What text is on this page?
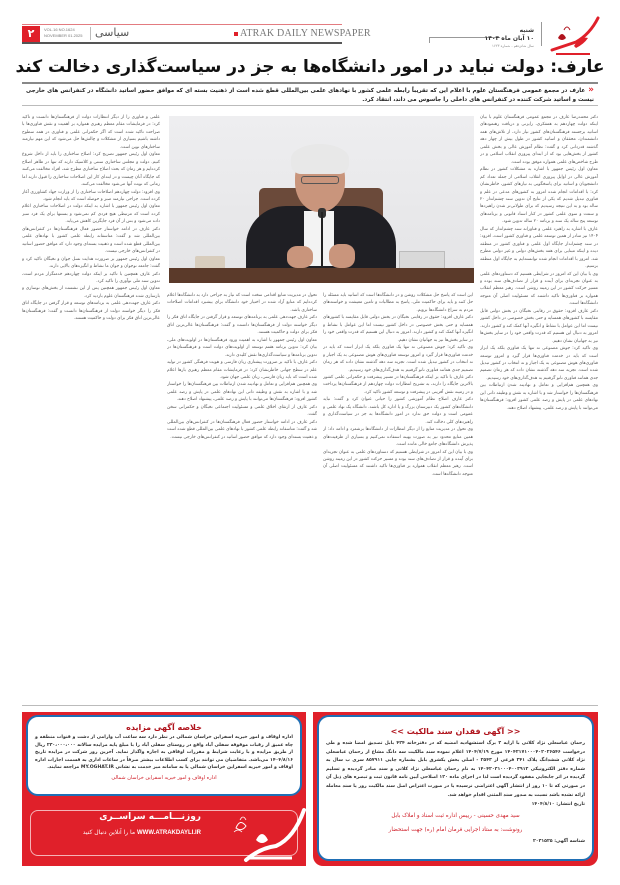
۲	VOL.16 NO.1624
NOVEMBER 01.2025 سیاسی	ATRAK DAILY NEWSPAPER	شنبه
۱۰ آبان ماه ۱۴۰۴
سال شانزدهم - شماره ۱۶۲۳
عارف: دولت نباید در امور دانشگاه‌ها به جز در سیاست‌گذاری دخالت کند
«عارف در مجمع عمومی فرهنگستان علوم با اعلام این که تقریباً رابطه علمی کشور با نهادهای علمی بین‌المللی قطع شده است از ذهنیت بسته ای که موافق حضور اساتید دانشگاه در کنفرانس های خارجی نیست و اساتید شرکت کننده در کنفرانس های داخلی را جاسوس می داند، انتقاد کرد.

دکتر محمدرضا عارف در مجمع عمومی فرهنگستان علوم با بیان اینکه دولت چهاردهم به همفکری، رایزنی و دریافت رهنمودهای اساتید برجسته فرهنگستان‌های کشور نیاز دارد، از تلاش‌های همه دانشمندان، محققان و اساتید کشور در طول بیش از چهار دهه گذشته قدردانی کرد و گفت: نظام آموزش عالی و بخش علمی کشور از بخش‌هایی بود که از ابتدای پیروزی انقلاب اسلامی و در طرح شاخص‌های علمی همواره موفق بوده است.

معاون اول رئیس جمهور با اشاره به مشکلات کشور در نظام آموزش عالی در اوایل پیروزی انقلاب اسلامی از جمله تعداد کم دانشجویان و اساتید برای پاسخگویی به نیازهای کشور، خاطرنشان کرد: با اقدامات انجام شده امروز به کشورهای مدعی در علم و فناوری تبدیل شدیم که یکی از نتایج آن تدوین سند چشم‌انداز ۲۰ ساله بود و به این نتیجه رسیدیم که برای طولانی‌تر شدن راهبردها و سمت و سوی علمی کشور در کنار اسناد قانونی و برنامه‌های توسعه پنج ساله یک سند و برنامه ۲۰ ساله تدوین شود.

عارف با اشاره به راهبرد علمی و فناورانه سند چشم‌انداز که سال ۱۴۰۴ نیز منادر از همین توسعه علمی و فناوری کشور است، افزود: در سند چشم‌انداز جایگاه اول علمی و فناوری کشور در منطقه دیده و اینکه مبنایی برای همه بخش‌های دولتی و غیر دولتی مطرح شد. امروز با اقدامات انجام شده توانسته‌ایم به جایگاه اول منطقه برسیم.

وی با بیان این که امروز در شرایطی هستیم که دستاوردهای علمی به عنوان تجربه‌ای برای آینده و قرار از تصادف‌های سند بوده و مسیر حرکت کشور در این زمینه روشن است. رهبر معظم انقلاب همواره بر فناوری‌ها تاکید داشتند که مسئولیت اصلی آن متوجه دانشگاه‌ها است.

دکتر عارف افزود: حقوق در رقابتی نخبگان در بخش دولتی قابل مقایسه با کشورهای همسایه و حتی بخش خصوصی در داخل کشور نیست اما این عوامل با نشاط و انگیزه آنها کمک کند و کشور دارند. امروز به دنبال این هستیم که قدرت واقعی خود را در سایر بخش‌ها نیز به جهانیان نشان دهیم.

وی تاکید کرد: جوش مصنوعی نه تنها یک فناوری بلکه یک ابزار است که باید در خدمت فناوری‌ها قرار گیرد و امروز توسعه فناوری‌های هوش مصنوعی به یک اجبار و نه انتخاب در کشور تبدیل شده است. تجربه سه دهه گذشته نشان داده که هر زمان تصمیم جدی همانند فناوری نانو گرفتیم به هدف‌گذاری‌های خود رسیدیم.

وی همچنین هم‌افزایی و تعامل و نهادینه شدن ارتباطات بین فرهنگستان‌ها را خواستار شد و با اشاره به نقش و وظیفه ذاتی این نهادهای علمی در پایش و رصد علمی کشور افزود: فرهنگستان‌ها می‌توانند با پایش و رصد علمی، پیشنهاد اصلاح دهند.

این است که پاسخ حل مشکلات روشن و در دانشگاه‌ها است که اساتید باید مسئله را حل کنند و باید برای حاکمیت ملی، پاسخ به مطالبات و تامین معیشت و خواسته‌های مردم به سراغ دانشگاه‌ها برویم.

دکتر عارف افزود: حقوق در رقابتی نخبگان در بخش دولتی قابل مقایسه با کشورهای همسایه و حتی بخش خصوصی در داخل کشور نیست اما این عوامل با نشاط و انگیزه آنها کمک کند و کشور دارند. امروز به دنبال این هستیم که قدرت واقعی خود را در سایر بخش‌ها نیز به جهانیان نشان دهیم.

وی تاکید کرد: جوش مصنوعی نه تنها یک فناوری بلکه یک ابزار است که باید در خدمت فناوری‌ها قرار گیرد و امروز توسعه فناوری‌های هوش مصنوعی به یک اجبار و نه انتخاب در کشور تبدیل شده است. تجربه سه دهه گذشته نشان داده که هر زمان تصمیم جدی همانند فناوری نانو گرفتیم به هدف‌گذاری‌های خود رسیدیم.

دکتر عارف با تاکید بر اینکه فرهنگستان‌ها در مسیر پیشرفت و حکمرانی علمی کشور بالاترین جایگاه را دارند، به تشریح انتظارات دولت چهاردهم از فرهنگستان‌ها پرداخت و در زمینه نقش آفرینی در پیشرفت و توسعه کشور تاکید کرد.

دکتر عارف اصلاح نظام آموزشی کشور را حیاتی عنوان کرد و گفت: نباید دانشگاه‌های کشور یک دبیرستان بزرگ و یا اداره کل باشند. دانشگاه یک نهاد علمی و عمومی است و دولت حق ندارد در امور دانشگاه‌ها به جز در سیاست‌گذاری و راهبردهای کلی دخالت کند.

وی تحول در مدیریت منابع را از دیگر انتظارات از دانشگاه‌ها برشمرد و ادامه داد: از همین منابع محدود نیز به صورت بهینه استفاده نمی‌کنیم و بسیاری از ظرفیت‌های پذیرش دانشگاه‌های جامع خالی مانده است.

وی با بیان این که امروز در شرایطی هستیم که دستاوردهای علمی به عنوان تجربه‌ای برای آینده و قرار از تصادف‌های سند بوده و مسیر حرکت کشور در این زمینه روشن است. رهبر معظم انقلاب همواره بر فناوری‌ها تاکید داشتند که مسئولیت اصلی آن متوجه دانشگاه‌ها است.

تحول در مدیریت منابع اقدامی سخت است که نیاز به جراحی دارد به دانشگاه‌ها اعلام کرده‌ایم که منابع آزاد شده در اختیار خود دانشگاه برای بیشبرد اقدامات اصلاحات ساختاری باشد.

دکتر عارف جهت‌دهی علمی به برنامه‌های توسعه و قرار گرفتن در جایگاه اتاق فکر را دیگر خواسته دولت از فرهنگستان‌ها دانست و گفت: فرهنگستان‌ها عالی‌ترین اتاق فکر برای دولت و حاکمیت هستند.

معاون اول رئیس جمهور با اشاره به اهمیت ورود فرهنگستان‌ها در اولویت‌های ملی، بیان کرد: تدوین برنامه هفتم توسعه از اولویت‌های دولت است و فرهنگستان‌ها در تدوین برنامه‌ها و سیاست‌گذاری‌ها نقش کلیدی دارند.

دکتر عارف با تاکید بر ضرورت پیشتازی زبان فارسی و هویت فرهنگی کشور در تولید علم در سطح جهانی خاطرنشان کرد: در فرمایشات مقام معظم رهبری بارها اعلام شده است که باید زبان فارسی، زبان علمی جهان شود.

وی همچنین هم‌افزایی و تعامل و نهادینه شدن ارتباطات بین فرهنگستان‌ها را خواستار شد و با اشاره به نقش و وظیفه ذاتی این نهادهای علمی در پایش و رصد علمی کشور افزود: فرهنگستان‌ها می‌توانند با پایش و رصد علمی، پیشنهاد اصلاح دهند.

دکتر عارف از ارتقای اخلاق علمی و مسئولیت اجتماعی نخبگان و حکمرانی سخن گفت.

دکتر عارف در ادامه خواستار حضور فعال فرهنگستان‌ها در کنفرانس‌های بین‌المللی شد و گفت: متاسفانه رابطه علمی کشور با نهادهای علمی بین‌المللی قطع شده است و ذهنیت بسته‌ای وجود دارد که موافق حضور اساتید در کنفرانس‌های خارجی نیست.

علمی و فناوری را از دیگر انتظارات دولت از فرهنگستان‌ها دانست و تاکید کرد: در فرمایشات مقام معظم رهبری همواره بر اهمیت و نقش فناوری‌ها با صراحت تاکید شده است که اگر حکمرانی علمی و فناوری در همه سطوح داشته باشیم بسیاری از مشکلات و چالش‌ها حل می‌شود که این مهم نیازمند ساختارهای نوین است.

معاون اول رئیس جمهور تصریح کرد: اصلاح ساختاری را باید از داخل شروع کنیم. دولت و مجلس ساختاری سنتی و کلاسیک دارند که تنها در ظاهر اصلاح کرده‌ایم و هر زمان که بحث اصلاح ساختاری مطرح شد، افراد مخالفت می‌کنند که جایگاه آنان چیست و در ابتدای کار این اصلاحات ساختاری را قبول دارند اما زمانی که نوبت آنها می‌شود مخالفت می‌کنند.

وی افزود: دولت چهاردهم اصلاحات ساختاری را از وزارت جهاد کشاورزی آغاز کرده است. جراحی نیازمند صبر و حوصله است که باید انجام شود.

معاون اول رئیس جمهور با اشاره به اینکه دولت در اصلاحات ساختاری اعلام کرده است که مرتبطی هیچ فردی کم نمی‌شود و بستنها برای یک فرد سبز داده می‌شود و بس از آن فرد جایگزین کاهش می‌یابد.

دکتر عارف در ادامه خواستار حضور فعال فرهنگستان‌ها در کنفرانس‌های بین‌المللی شد و گفت: متاسفانه رابطه علمی کشور با نهادهای علمی بین‌المللی قطع شده است و ذهنیت بسته‌ای وجود دارد که موافق حضور اساتید در کنفرانس‌های خارجی نیست.

معاون اول رئیس جمهور بر ضرورت هدایت نسل جوان و نخبگان تاکید کرد و گفت: جامعه نوجوان و جوان ما نشاط و انگیزه‌های بالایی دارند.

دکتر عارف همچنین با تاکید بر اینکه دولت چهاردهم خدمتگزار مردم است، تدوین سند ملی نوآوری را تاکید کرد.

معاون اول رئیس جمهور همچنین پس از این نشست از بخش‌های نوسازی و بازسازی شده فرهنگستان علوم بازدید کرد.

دکتر عارف جهت‌دهی علمی به برنامه‌های توسعه و قرار گرفتن در جایگاه اتاق فکر را دیگر خواسته دولت از فرهنگستان‌ها دانست و گفت: فرهنگستان‌ها عالی‌ترین اتاق فکر برای دولت و حاکمیت هستند.

<< آگهی فقدان سند مالکیت >>
رحمان عباسعلی نژاد کلانی با ارایه ۲ برگ استشهادیه امضیه که در دفترخانه ۴۲۴ بابل تصدیق امضا شده و طی درخواست ۱۴۰۴۲۱۷۱۰۰۰۴۰۲۰۲۶۵۴۶ مورخ ۱۴۰۴/۷/۱۹ اعلام نموده سند مالکیت سه دانگ مشاع از رحمان عباسعلی نژاد کلانی ششدانگ پلاک ۲۴۱ فرعی از ۲۵۴۳ - اصلی بخش یکشرق بابل بشماره چاپی ۸۵۷۹۱۱ سری ب سال به شماره دفتر الکترونیکی ۱۴۰۴۲۰۳۱۰۰۰۴۰۰۳۹۱۲ به نام رحمان عباسعلی نژاد کلانی و سند صادر گردیده و تسلیم گردیده در اثر جابجایی مفقود گردیده است لذا در اجرای ماده ۱۲۰ اصلاحی آیین نامه قانون ثبت و تبصره های ذیل آن در صورتی که تا ۱۰ روز از انتشار آگهی اعتراضی نرسیده یا در صورت اعتراض اصل سند مالکیت روز یا سند معامله ارائه نشده باشد نسبت به صدور سند المثنی اقدام خواهد شد.
تاریخ انتشار: ۱۴۰۴/۸/۱۰
سید مهدی حسینی - رییس اداره ثبت اسناد و املاک بابل
رونوشت: به ستاد اجرایی فرمان امام (ره) جهت استحضار
شناسه آگهی: ۲۰۳۱۵۲۵
خلاصه آگهی مزایده
اداره اوقاف و امور خیریه اسفراین خراسان شمالی در نظر دارد سه ساعت آب وارامی از دشت و قنوات منطقه و چاه عمیق از رقبات موقوفه سفلی آباد واقع در روستای سفلی آباد را با مبلغ پایه مزایده سالانه ۲۳۰،۰۰۰،۰۰۰ ریال از طریق مزایده و با رعایت شرایط و مقررات اوقافی به اجاره واگذار نماید. آخرین روز شرکت در مزایده تاریخ ۱۴۰۴/۸/۱۶ می‌باشد. متقاضیان می توانند برای کسب اطلاعات بیشتر صرفاً در ساعات اداری به قسمت اجارات اداره اوقاف و امور خیریه اسفراین خراسان شمالی یا به سامانه میز خدمت به نشانی MY.OGHAT.IR مراجعه نمایند.
اداره اوقاف و امور خیریه اسفراین خراسان شمالی
روزنـــامـــه سراســری
WWW.ATRAKDAYLI.IR ما را آنلاین دنبال کنید
